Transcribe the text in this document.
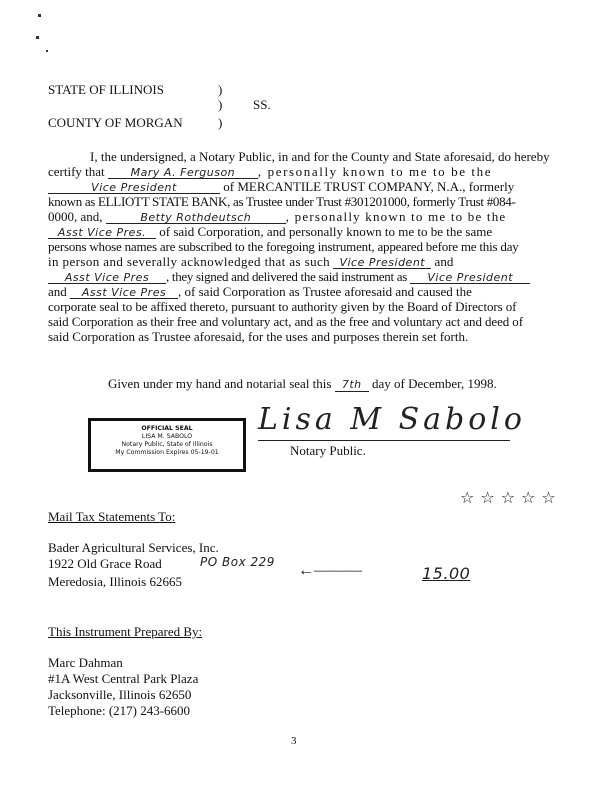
STATE OF ILLINOIS	)
) SS.
COUNTY OF MORGAN	)
I, the undersigned, a Notary Public, in and for the County and State aforesaid, do hereby
certify that Mary A. Ferguson , personally known to me to be the
Vice President	of MERCANTILE TRUST COMPANY, N.A., formerly
known as ELLIOTT STATE BANK, as Trustee under Trust #301201000, formerly Trust #084-
0000, and,	Betty Rothdeutsch	, personally known to me to be the
Asst Vice Pres. of said Corporation, and personally known to me to be the same
persons whose names are subscribed to the foregoing instrument, appeared before me this day
in person and severally acknowledged that as such Vice President and
Asst Vice Pres , they signed and delivered the said instrument as Vice President
and Asst Vice Pres , of said Corporation as Trustee aforesaid and caused the
corporate seal to be affixed thereto, pursuant to authority given by the Board of Directors of
said Corporation as their free and voluntary act, and as the free and voluntary act and deed of
said Corporation as Trustee aforesaid, for the uses and purposes therein set forth.
Given under my hand and notarial seal this 7th day of December, 1998.
OFFICIAL SEAL
LISA M. SABOLO
Notary Public, State of Illinois
My Commission Expires 05-19-01
Lisa M Sabolo
Notary Public.
☆☆☆☆☆
Mail Tax Statements To:
Bader Agricultural Services, Inc.
1922 Old Grace Road	PO Box 229
Meredosia, Illinois 62665
←———	15.00
This Instrument Prepared By:
Marc Dahman
#1A West Central Park Plaza
Jacksonville, Illinois 62650
Telephone: (217) 243-6600
3
